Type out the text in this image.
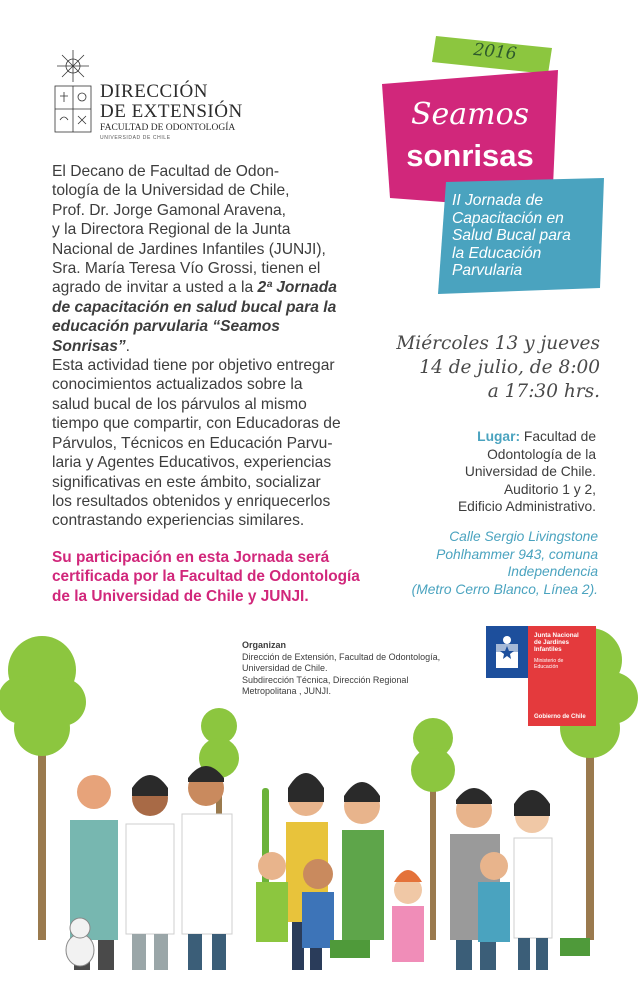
DIRECCIÓN
DE EXTENSIÓN
FACULTAD DE ODONTOLOGÍA
UNIVERSIDAD DE CHILE
El Decano de Facultad de Odon-
tología de la Universidad de Chile,
Prof. Dr. Jorge Gamonal Aravena,
y la Directora Regional de la Junta
Nacional de Jardines Infantiles (JUNJI),
Sra. María Teresa Vío Grossi, tienen el
agrado de invitar a usted a la 2ª Jornada
de capacitación en salud bucal para la
educación parvularia “Seamos Sonrisas”.
Esta actividad tiene por objetivo entregar
conocimientos actualizados sobre la
salud bucal de los párvulos al mismo
tiempo que compartir, con Educadoras de
Párvulos, Técnicos en Educación Parvu-
laria y Agentes Educativos, experiencias
significativas en este ámbito, socializar
los resultados obtenidos y enriquecerlos
contrastando experiencias similares.
Su participación en esta Jornada será
certificada por la Facultad de Odontología
de la Universidad de Chile y JUNJI.
2016
Seamos
sonrisas
II Jornada de
Capacitación en
Salud Bucal para
la Educación
Parvularia
Miércoles 13 y jueves
14 de julio, de 8:00
a 17:30 hrs.
Lugar: Facultad de
Odontología de la
Universidad de Chile.
Auditorio 1 y 2,
Edificio Administrativo.
Calle Sergio Livingstone
Pohlhammer 943, comuna
Independencia
(Metro Cerro Blanco, Línea 2).
Organizan
Dirección de Extensión, Facultad de Odontología,
Universidad de Chile.
Subdirección Técnica, Dirección Regional
Metropolitana , JUNJI.
Junta Nacional
de Jardines
Infantiles
Ministerio de
Educación
Gobierno de Chile
